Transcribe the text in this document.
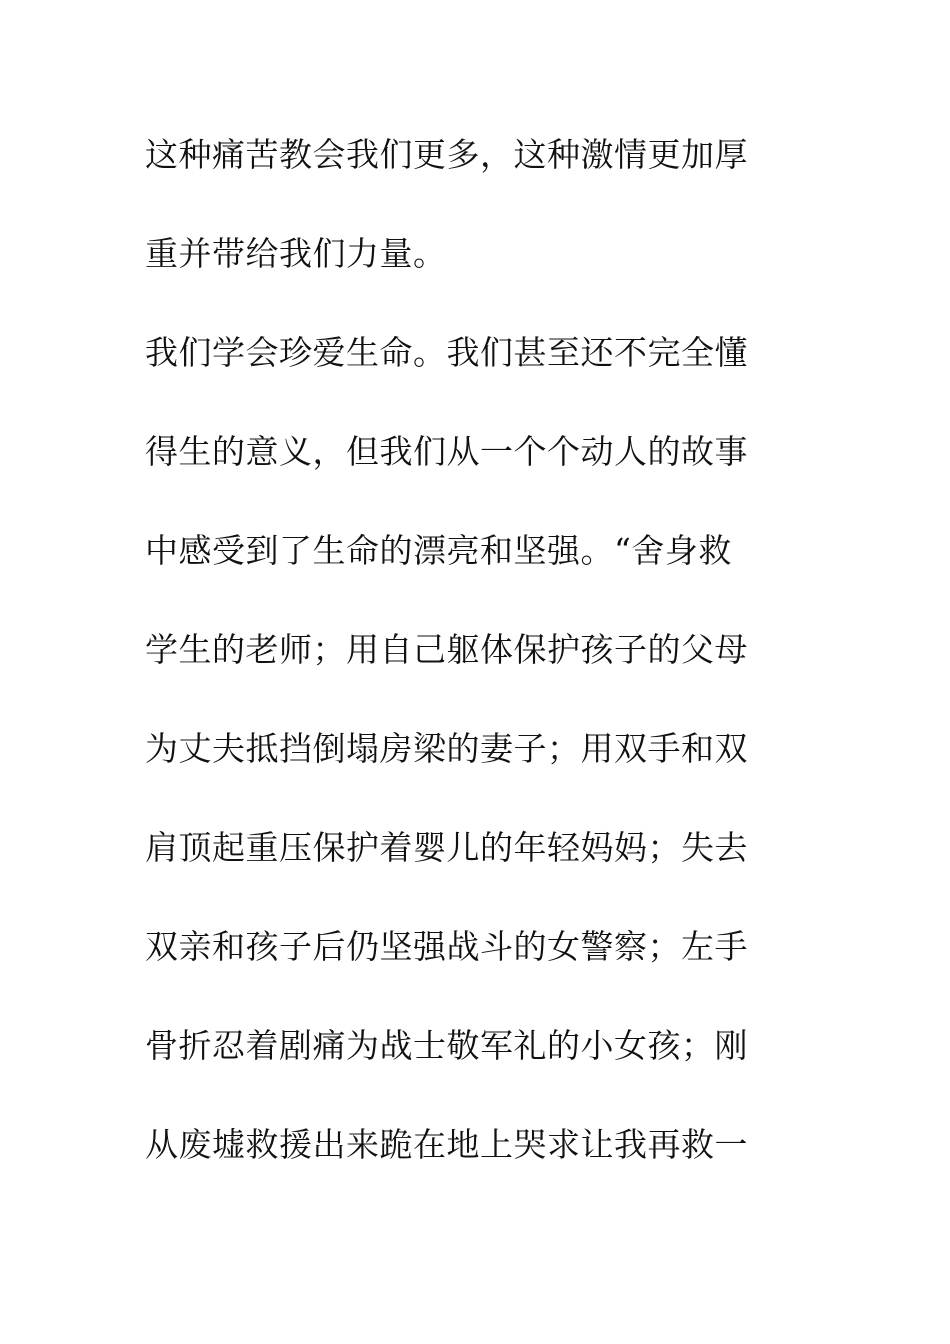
这种痛苦教会我们更多，这种激情更加厚
重并带给我们力量。
我们学会珍爱生命。我们甚至还不完全懂
得生的意义，但我们从一个个动人的故事
中感受到了生命的漂亮和坚强。“舍身救
学生的老师；用自己躯体保护孩子的父母
为丈夫抵挡倒塌房梁的妻子；用双手和双
肩顶起重压保护着婴儿的年轻妈妈；失去
双亲和孩子后仍坚强战斗的女警察；左手
骨折忍着剧痛为战士敬军礼的小女孩；刚
从废墟救援出来跪在地上哭求让我再救一
